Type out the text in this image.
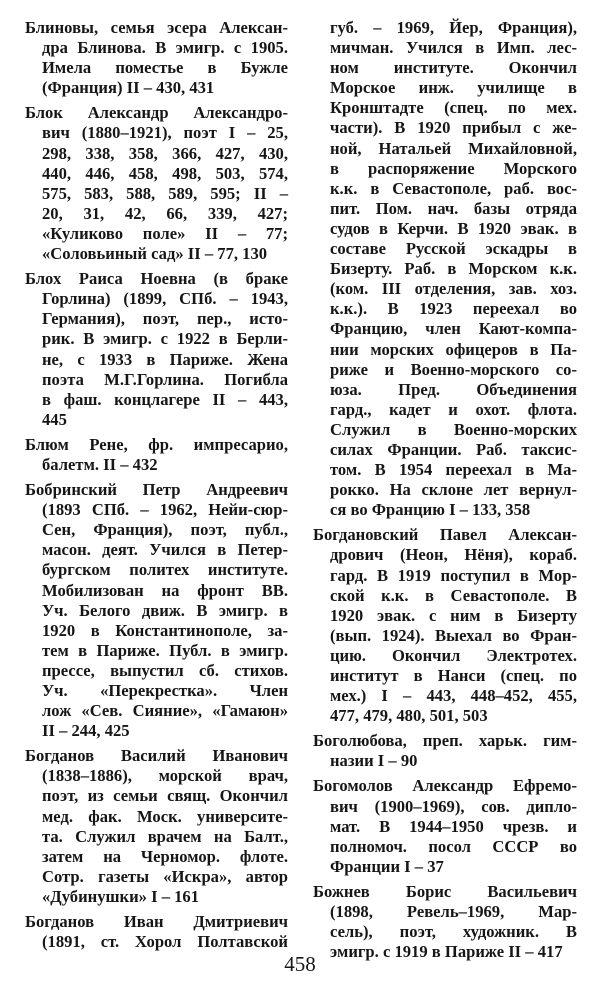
Блиновы, семья эсера Алексан-
дра Блинова. В эмигр. с 1905.
Имела поместье в Бужле
(Франция) II – 430, 431
Блок Александр Александро-
вич (1880–1921), поэт I – 25,
298, 338, 358, 366, 427, 430,
440, 446, 458, 498, 503, 574,
575, 583, 588, 589, 595; II –
20, 31, 42, 66, 339, 427;
«Куликово поле» II – 77;
«Соловьиный сад» II – 77, 130
Блох Раиса Ноевна (в браке
Горлина) (1899, СПб. – 1943,
Германия), поэт, пер., исто-
рик. В эмигр. с 1922 в Берли-
не, с 1933 в Париже. Жена
поэта М.Г.Горлина. Погибла
в фаш. концлагере II – 443,
445
Блюм Рене, фр. импресарио,
балетм. II – 432
Бобринский Петр Андреевич
(1893 СПб. – 1962, Нейи-сюр-
Сен, Франция), поэт, публ.,
масон. деят. Учился в Петер-
бургском политех институте.
Мобилизован на фронт ВВ.
Уч. Белого движ. В эмигр. в
1920 в Константинополе, за-
тем в Париже. Публ. в эмигр.
прессе, выпустил сб. стихов.
Уч. «Перекрестка». Член
лож «Сев. Сияние», «Гамаюн»
II – 244, 425
Богданов Василий Иванович
(1838–1886), морской врач,
поэт, из семьи свящ. Окончил
мед. фак. Моск. университе-
та. Служил врачем на Балт.,
затем на Черномор. флоте.
Сотр. газеты «Искра», автор
«Дубинушки» I – 161
Богданов Иван Дмитриевич
(1891, ст. Хорол Полтавской
губ. – 1969, Йер, Франция),
мичман. Учился в Имп. лес-
ном институте. Окончил
Морское инж. училище в
Кронштадте (спец. по мех.
части). В 1920 прибыл с же-
ной, Натальей Михайловной,
в распоряжение Морского
к.к. в Севастополе, раб. вос-
пит. Пом. нач. базы отряда
судов в Керчи. В 1920 эвак. в
составе Русской эскадры в
Бизерту. Раб. в Морском к.к.
(ком. III отделения, зав. хоз.
к.к.). В 1923 переехал во
Францию, член Кают-компа-
нии морских офицеров в Па-
риже и Военно-морского со-
юза. Пред. Объединения
гард., кадет и охот. флота.
Служил в Военно-морских
силах Франции. Раб. таксис-
том. В 1954 переехал в Ма-
рокко. На склоне лет вернул-
ся во Францию I – 133, 358
Богдановский Павел Алексан-
дрович (Неон, Нёня), кораб.
гард. В 1919 поступил в Мор-
ской к.к. в Севастополе. В
1920 эвак. с ним в Бизерту
(вып. 1924). Выехал во Фран-
цию. Окончил Электротех.
институт в Нанси (спец. по
мех.) I – 443, 448–452, 455,
477, 479, 480, 501, 503
Боголюбова, преп. харьк. гим-
назии I – 90
Богомолов Александр Ефремо-
вич (1900–1969), сов. дипло-
мат. В 1944–1950 чрезв. и
полномоч. посол СССР во
Франции I – 37
Божнев Борис Васильевич
(1898, Ревель–1969, Мар-
сель), поэт, художник. В
эмигр. с 1919 в Париже II – 417
458
